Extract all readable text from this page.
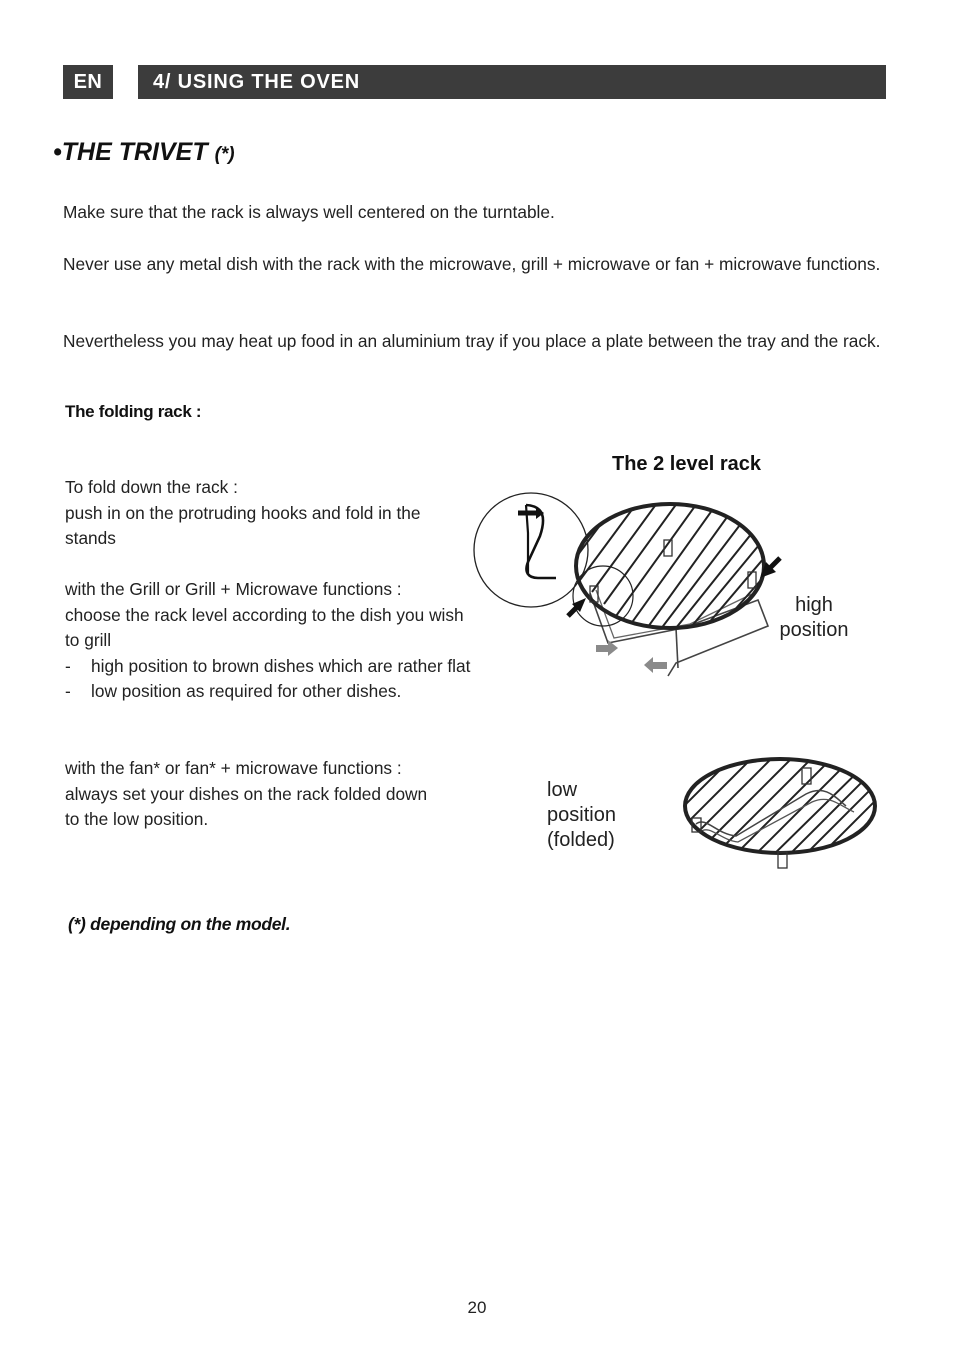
EN	4/ USING THE OVEN
•THE TRIVET (*)
Make sure that the rack is always well centered on the turntable.
Never use any metal dish with the rack with the microwave, grill + microwave or fan + microwave functions.
Nevertheless you may heat up food in an aluminium tray if you place a plate between the tray and the rack.
The folding rack :

To fold down the rack :

push in on the protruding hooks and fold in the stands

with the Grill or Grill + Microwave functions :

choose the rack level according to the dish you wish to grill

- high position to brown dishes which are rather flat

- low position as required for other dishes.

with the fan* or fan* + microwave functions :

always set your dishes on the rack folded down

to the low position.

The 2 level rack
high
position
low
position
(folded)
(*) depending on the model.
20
